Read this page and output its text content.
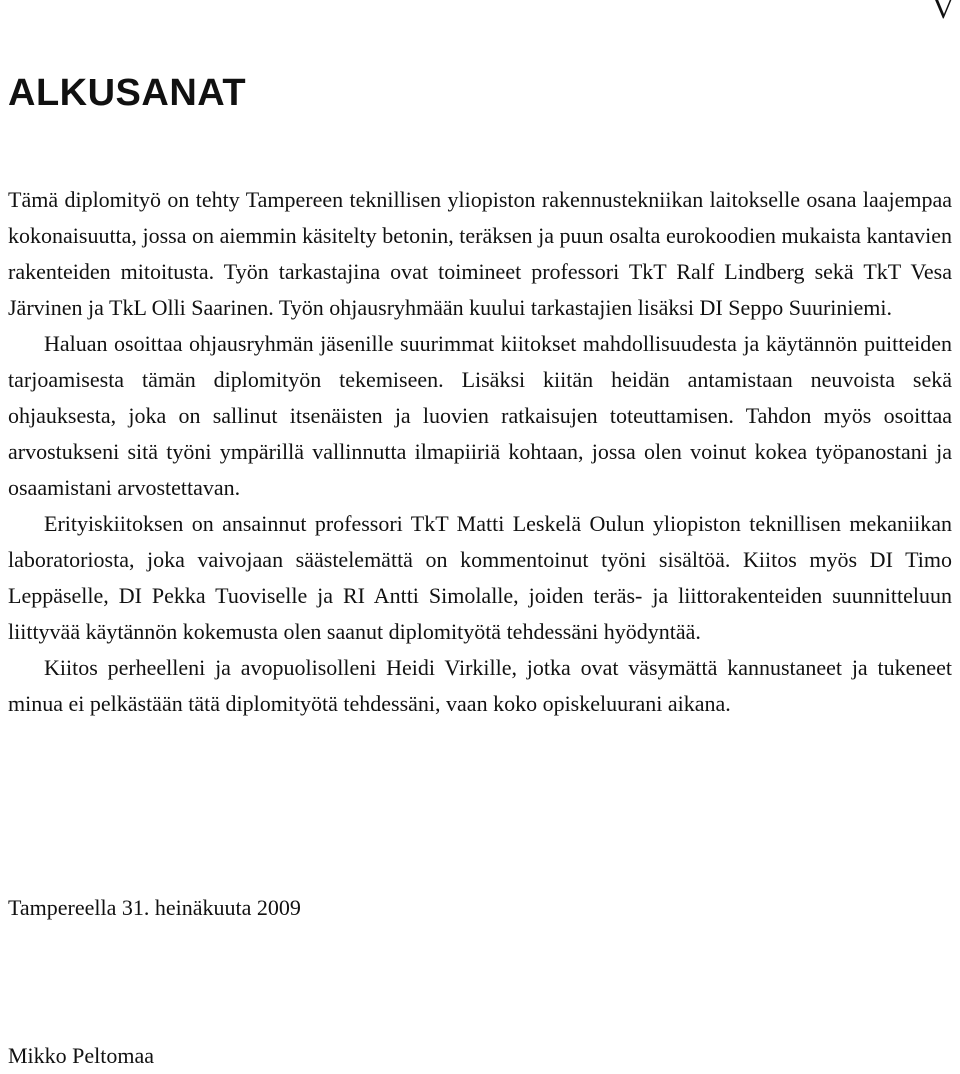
V
ALKUSANAT

Tämä diplomityö on tehty Tampereen teknillisen yliopiston rakennustekniikan laitokselle osana laajempaa kokonaisuutta, jossa on aiemmin käsitelty betonin, teräksen ja puun osalta eurokoodien mukaista kantavien rakenteiden mitoitusta. Työn tarkastajina ovat toimineet professori TkT Ralf Lindberg sekä TkT Vesa Järvinen ja TkL Olli Saarinen. Työn ohjausryhmään kuului tarkastajien lisäksi DI Seppo Suuriniemi.

Haluan osoittaa ohjausryhmän jäsenille suurimmat kiitokset mahdollisuudesta ja käytännön puitteiden tarjoamisesta tämän diplomityön tekemiseen. Lisäksi kiitän heidän antamistaan neuvoista sekä ohjauksesta, joka on sallinut itsenäisten ja luovien ratkaisujen toteuttamisen. Tahdon myös osoittaa arvostukseni sitä työni ympärillä vallinnutta ilmapiiriä kohtaan, jossa olen voinut kokea työpanostani ja osaamistani arvostettavan.

Erityiskiitoksen on ansainnut professori TkT Matti Leskelä Oulun yliopiston teknillisen mekaniikan laboratoriosta, joka vaivojaan säästelemättä on kommentoinut työni sisältöä. Kiitos myös DI Timo Leppäselle, DI Pekka Tuoviselle ja RI Antti Simolalle, joiden teräs- ja liittorakenteiden suunnitteluun liittyvää käytännön kokemusta olen saanut diplomityötä tehdessäni hyödyntää.

Kiitos perheelleni ja avopuolisolleni Heidi Virkille, jotka ovat väsymättä kannustaneet ja tukeneet minua ei pelkästään tätä diplomityötä tehdessäni, vaan koko opiskeluurani aikana.

Tampereella 31. heinäkuuta 2009

Mikko Peltomaa
